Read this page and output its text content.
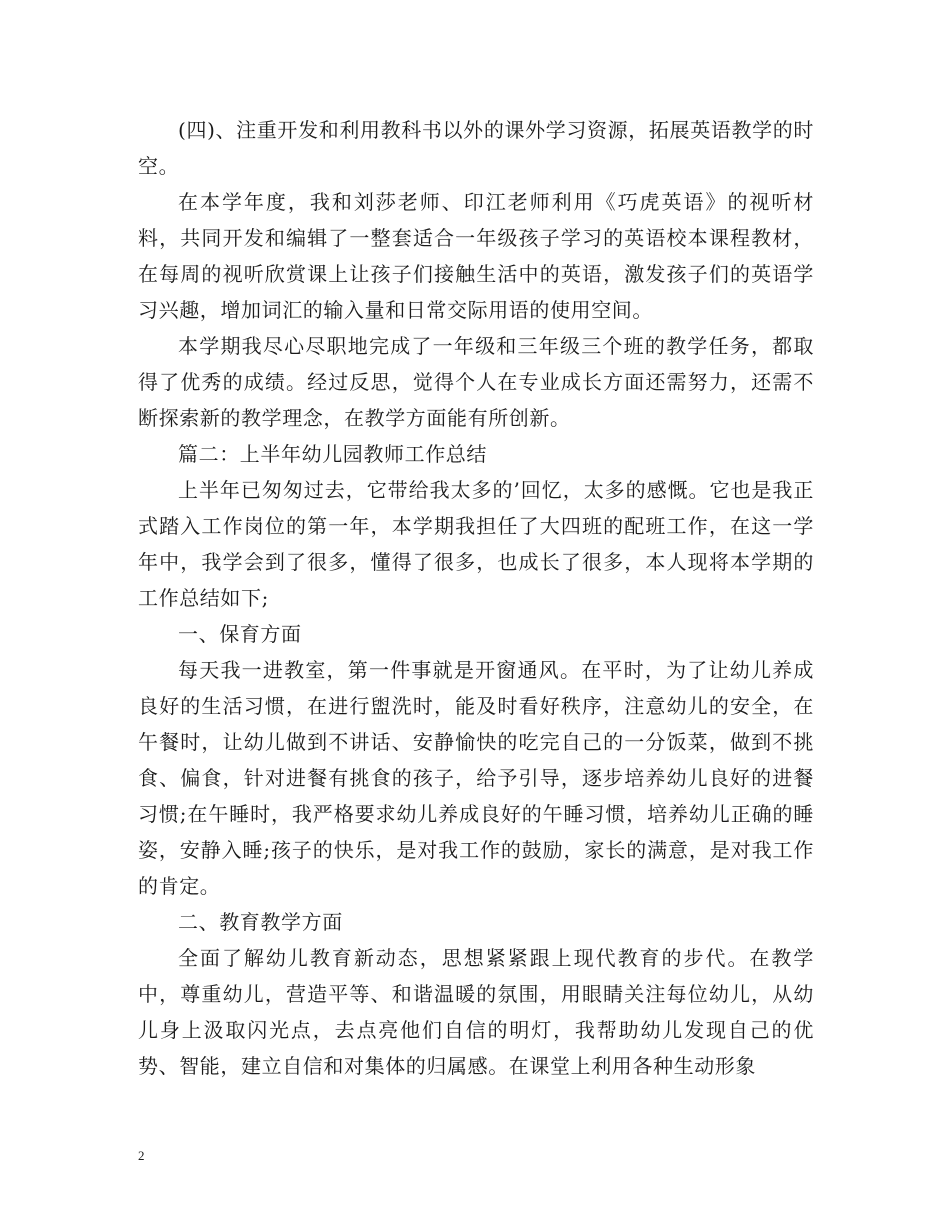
(四)、注重开发和利用教科书以外的课外学习资源，拓展英语教学的时空。

在本学年度，我和刘莎老师、印江老师利用《巧虎英语》的视听材料，共同开发和编辑了一整套适合一年级孩子学习的英语校本课程教材，在每周的视听欣赏课上让孩子们接触生活中的英语，激发孩子们的英语学习兴趣，增加词汇的输入量和日常交际用语的使用空间。

本学期我尽心尽职地完成了一年级和三年级三个班的教学任务，都取得了优秀的成绩。经过反思，觉得个人在专业成长方面还需努力，还需不断探索新的教学理念，在教学方面能有所创新。

篇二：上半年幼儿园教师工作总结

上半年已匆匆过去，它带给我太多的’回忆，太多的感慨。它也是我正式踏入工作岗位的第一年，本学期我担任了大四班的配班工作，在这一学年中，我学会到了很多，懂得了很多，也成长了很多，本人现将本学期的工作总结如下;

一、保育方面

每天我一进教室，第一件事就是开窗通风。在平时，为了让幼儿养成良好的生活习惯，在进行盥洗时，能及时看好秩序，注意幼儿的安全，在午餐时，让幼儿做到不讲话、安静愉快的吃完自己的一分饭菜，做到不挑食、偏食，针对进餐有挑食的孩子，给予引导，逐步培养幼儿良好的进餐习惯;在午睡时，我严格要求幼儿养成良好的午睡习惯，培养幼儿正确的睡姿，安静入睡;孩子的快乐，是对我工作的鼓励，家长的满意，是对我工作的肯定。

二、教育教学方面

全面了解幼儿教育新动态，思想紧紧跟上现代教育的步代。在教学中，尊重幼儿，营造平等、和谐温暖的氛围，用眼睛关注每位幼儿，从幼儿身上汲取闪光点，去点亮他们自信的明灯，我帮助幼儿发现自己的优势、智能，建立自信和对集体的归属感。在课堂上利用各种生动形象

2
